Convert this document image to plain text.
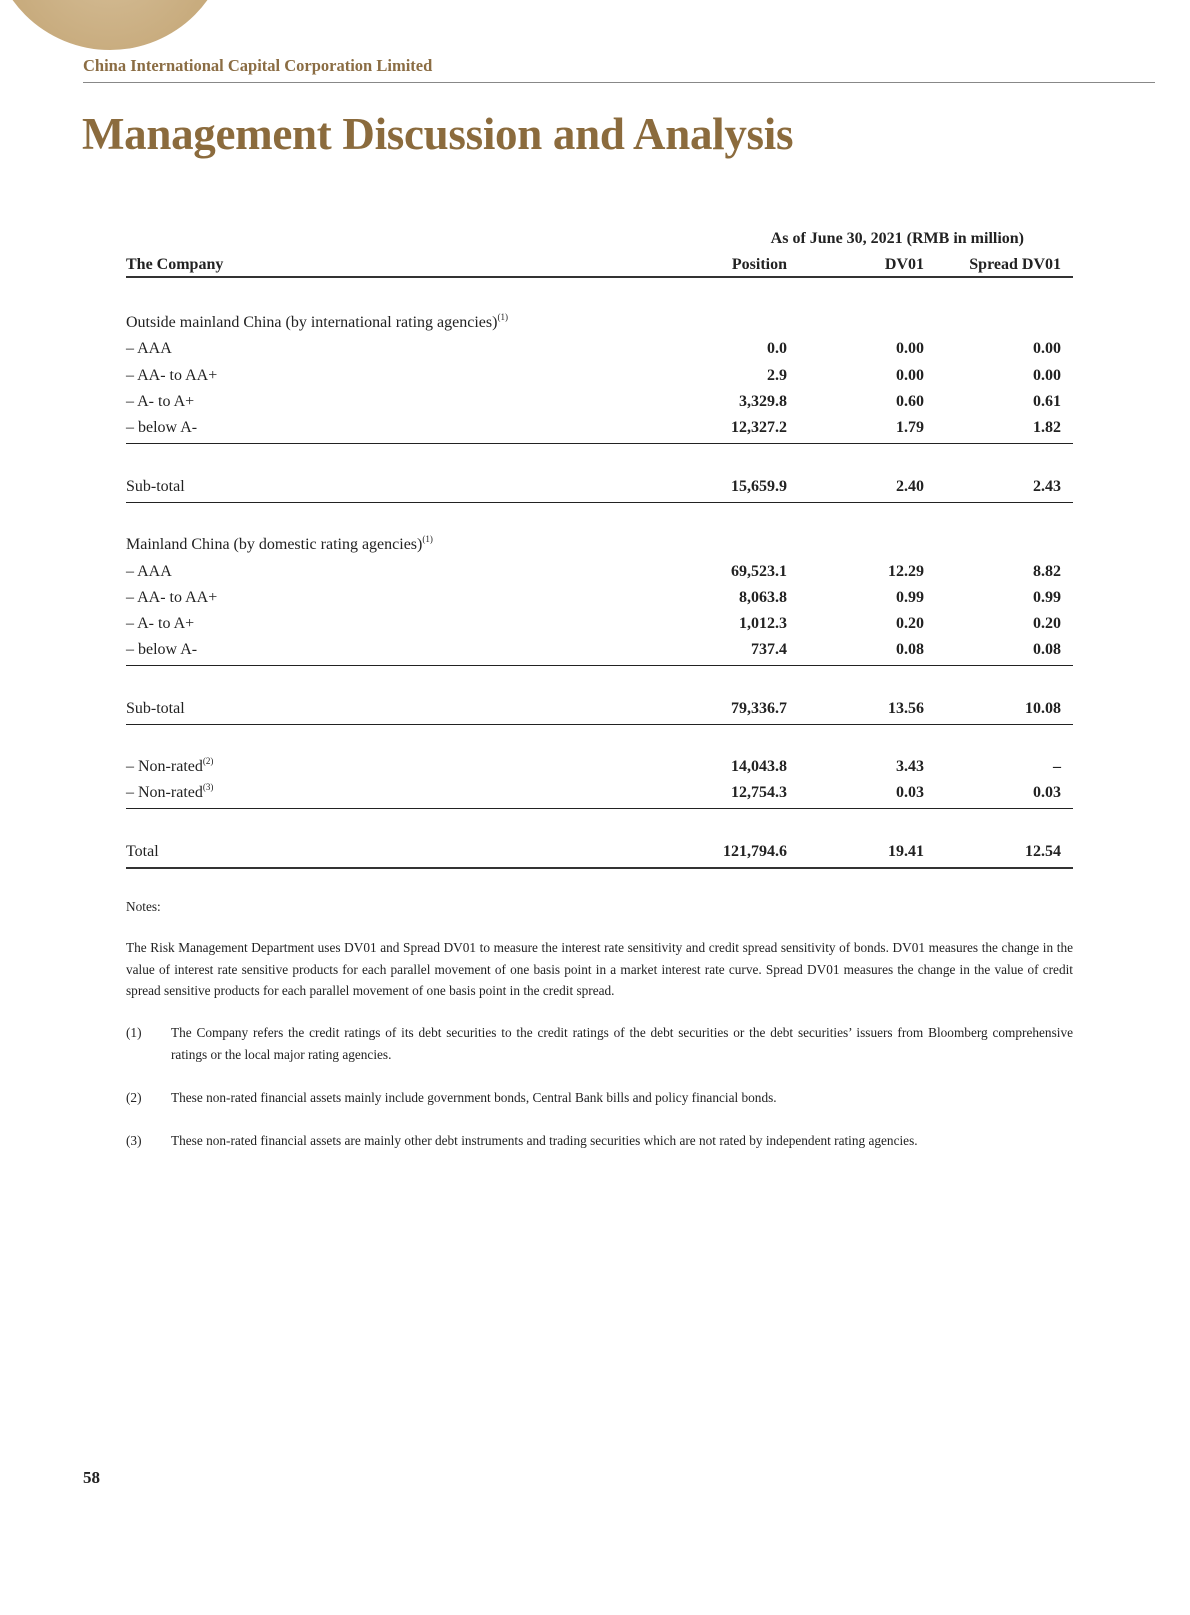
China International Capital Corporation Limited
Management Discussion and Analysis
As of June 30, 2021 (RMB in million)
The Company	Position	DV01	Spread DV01
Outside mainland China (by international rating agencies)$^{(1)}$
– AAA	0.0	0.00	0.00
– AA- to AA+	2.9	0.00	0.00
– A- to A+	3,329.8	0.60	0.61
– below A-	12,327.2	1.79	1.82
Sub-total	15,659.9	2.40	2.43
Mainland China (by domestic rating agencies)$^{(1)}$
– AAA	69,523.1	12.29	8.82
– AA- to AA+	8,063.8	0.99	0.99
– A- to A+	1,012.3	0.20	0.20
– below A-	737.4	0.08	0.08
Sub-total	79,336.7	13.56	10.08
– Non-rated$^{(2)}$	14,043.8	3.43	–
– Non-rated$^{(3)}$	12,754.3	0.03	0.03
Total	121,794.6	19.41	12.54
Notes:
The Risk Management Department uses DV01 and Spread DV01 to measure the interest rate sensitivity and credit spread sensitivity of bonds. DV01 measures the change in the value of interest rate sensitive products for each parallel movement of one basis point in a market interest rate curve. Spread DV01 measures the change in the value of credit spread sensitive products for each parallel movement of one basis point in the credit spread.
(1) The Company refers the credit ratings of its debt securities to the credit ratings of the debt securities or the debt securities’ issuers from Bloomberg comprehensive ratings or the local major rating agencies.
(2) These non-rated financial assets mainly include government bonds, Central Bank bills and policy financial bonds.
(3) These non-rated financial assets are mainly other debt instruments and trading securities which are not rated by independent rating agencies.
58
